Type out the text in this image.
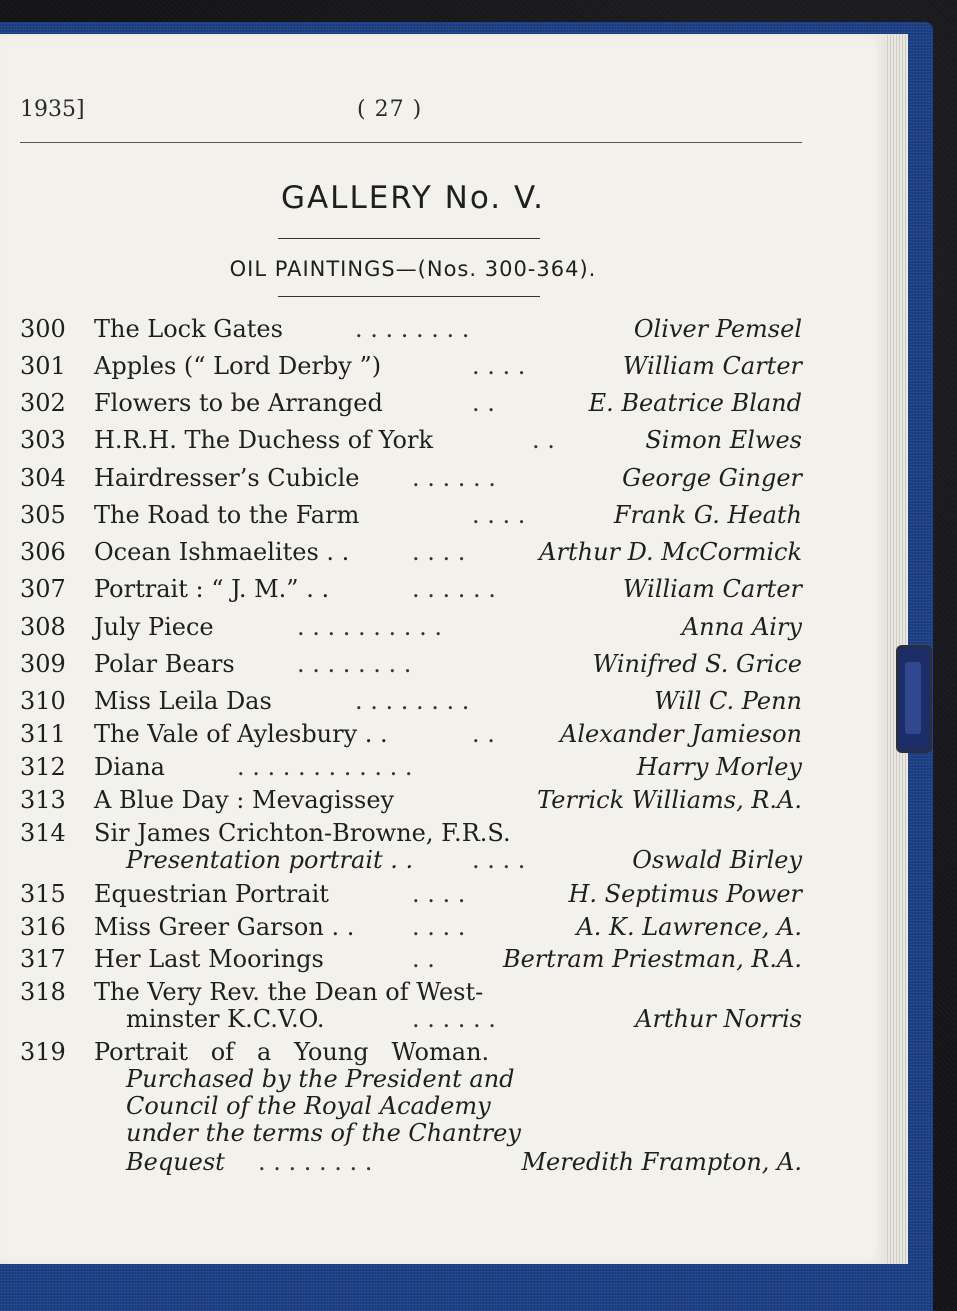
1935]	( 27 )
GALLERY No. V.
OIL PAINTINGS—(Nos. 300-364).
300 The Lock Gates	. . . . . . . .	Oliver Pemsel
301 Apples (“ Lord Derby ”)	. . . .	William Carter
302 Flowers to be Arranged	. .	E. Beatrice Bland
303 H.R.H. The Duchess of York	. .	Simon Elwes
304 Hairdresser’s Cubicle . . . . . .	George Ginger
305 The Road to the Farm	. . . .	Frank G. Heath
306 Ocean Ishmaelites . .	. . . .	Arthur D. McCormick
307 Portrait : “ J. M.” . .	. . . . . .	William Carter
308 July Piece	. . . . . . . . . .	Anna Airy
309 Polar Bears	. . . . . . . .	Winifred S. Grice
310 Miss Leila Das	. . . . . . . .	Will C. Penn
311 The Vale of Aylesbury . .	. .	Alexander Jamieson
312 Diana	. . . . . . . . . . . .	Harry Morley
313 A Blue Day : Mevagissey	Terrick Williams, R.A.
314 Sir James Crichton-Browne, F.R.S.
Presentation portrait . . . . . .	Oswald Birley
315 Equestrian Portrait	. . . .	H. Septimus Power
316 Miss Greer Garson . . . . . .	A. K. Lawrence, A.
317 Her Last Moorings	. .	Bertram Priestman, R.A.
318 The Very Rev. the Dean of West-
minster K.C.V.O.	. . . . . .	Arthur Norris
319 Portrait   of   a   Young   Woman.
Purchased by the President and
Council of the Royal Academy
under the terms of the Chantrey
Bequest . . . . . . . .	Meredith Frampton, A.
